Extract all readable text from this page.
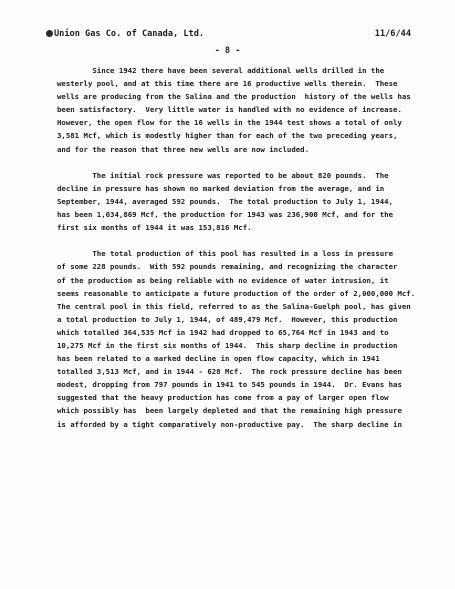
Union Gas Co. of Canada, Ltd.	11/6/44
- 8 -
Since 1942 there have been several additional wells drilled in the
westerly pool, and at this time there are 16 productive wells therein.  These
wells are producing from the Salina and the production  history of the wells has
been satisfactory.  Very little water is handled with no evidence of increase.
However, the open flow for the 16 wells in the 1944 test shows a total of only
3,581 Mcf, which is modestly higher than for each of the two preceding years,
and for the reason that three new wells are now included.
The initial rock pressure was reported to be about 820 pounds.  The
decline in pressure has shown no marked deviation from the average, and in
September, 1944, averaged 592 pounds.  The total production to July 1, 1944,
has been 1,034,869 Mcf, the production for 1943 was 236,900 Mcf, and for the
first six months of 1944 it was 153,816 Mcf.
The total production of this pool has resulted in a loss in pressure
of some 228 pounds.  With 592 pounds remaining, and recognizing the character
of the production as being reliable with no evidence of water intrusion, it
seems reasonable to anticipate a future production of the order of 2,000,000 Mcf.
The central pool in this field, referred to as the Salina-Guelph pool, has given
a total production to July 1, 1944, of 489,479 Mcf.  However, this production
which totalled 364,535 Mcf in 1942 had dropped to 65,764 Mcf in 1943 and to
10,275 Mcf in the first six months of 1944.  This sharp decline in production
has been related to a marked decline in open flow capacity, which in 1941
totalled 3,513 Mcf, and in 1944 - 628 Mcf.  The rock pressure decline has been
modest, dropping from 797 pounds in 1941 to 545 pounds in 1944.  Dr. Evans has
suggested that the heavy production has come from a pay of larger open flow
which possibly has  been largely depleted and that the remaining high pressure
is afforded by a tight comparatively non-productive pay.  The sharp decline in
